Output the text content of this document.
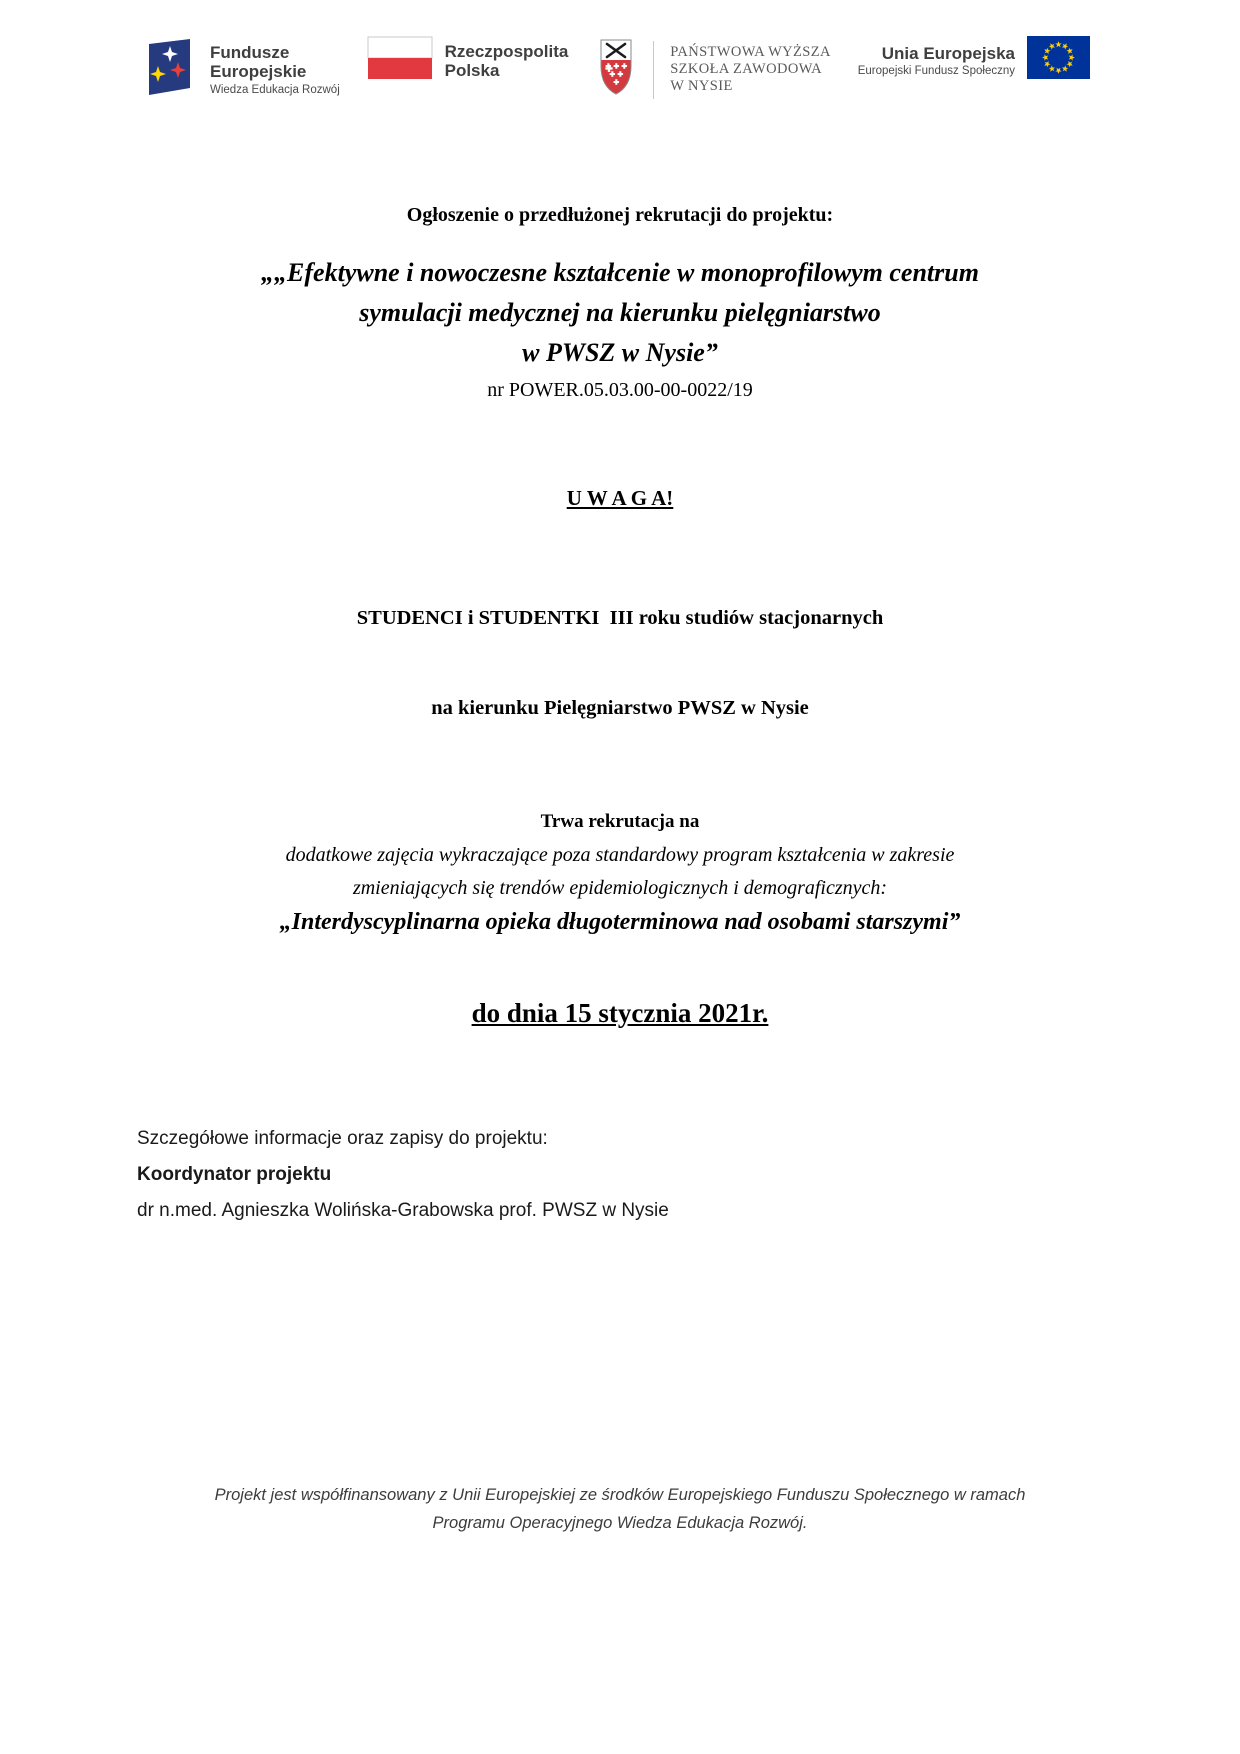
Fundusze
Europejskie
Wiedza Edukacja Rozwój
Rzeczpospolita
Polska
PAŃSTWOWA WYŻSZA
SZKOŁA ZAWODOWA
W NYSIE
Unia Europejska
Europejski Fundusz Społeczny
Ogłoszenie o przedłużonej rekrutacji do projektu:
„„Efektywne i nowoczesne kształcenie w monoprofilowym centrum
symulacji medycznej na kierunku pielęgniarstwo
w PWSZ w Nysie”
nr POWER.05.03.00-00-0022/19
U W A G A!

STUDENCI i STUDENTKI  III roku studiów stacjonarnych

na kierunku Pielęgniarstwo PWSZ w Nysie

Trwa rekrutacja na
dodatkowe zajęcia wykraczające poza standardowy program kształcenia w zakresie
zmieniających się trendów epidemiologicznych i demograficznych:
„Interdyscyplinarna opieka długoterminowa nad osobami starszymi”
do dnia 15 stycznia 2021r.
Szczegółowe informacje oraz zapisy do projektu:
Koordynator projektu
dr n.med. Agnieszka Wolińska-Grabowska prof. PWSZ w Nysie
Projekt jest współfinansowany z Unii Europejskiej ze środków Europejskiego Funduszu Społecznego w ramach
Programu Operacyjnego Wiedza Edukacja Rozwój.
